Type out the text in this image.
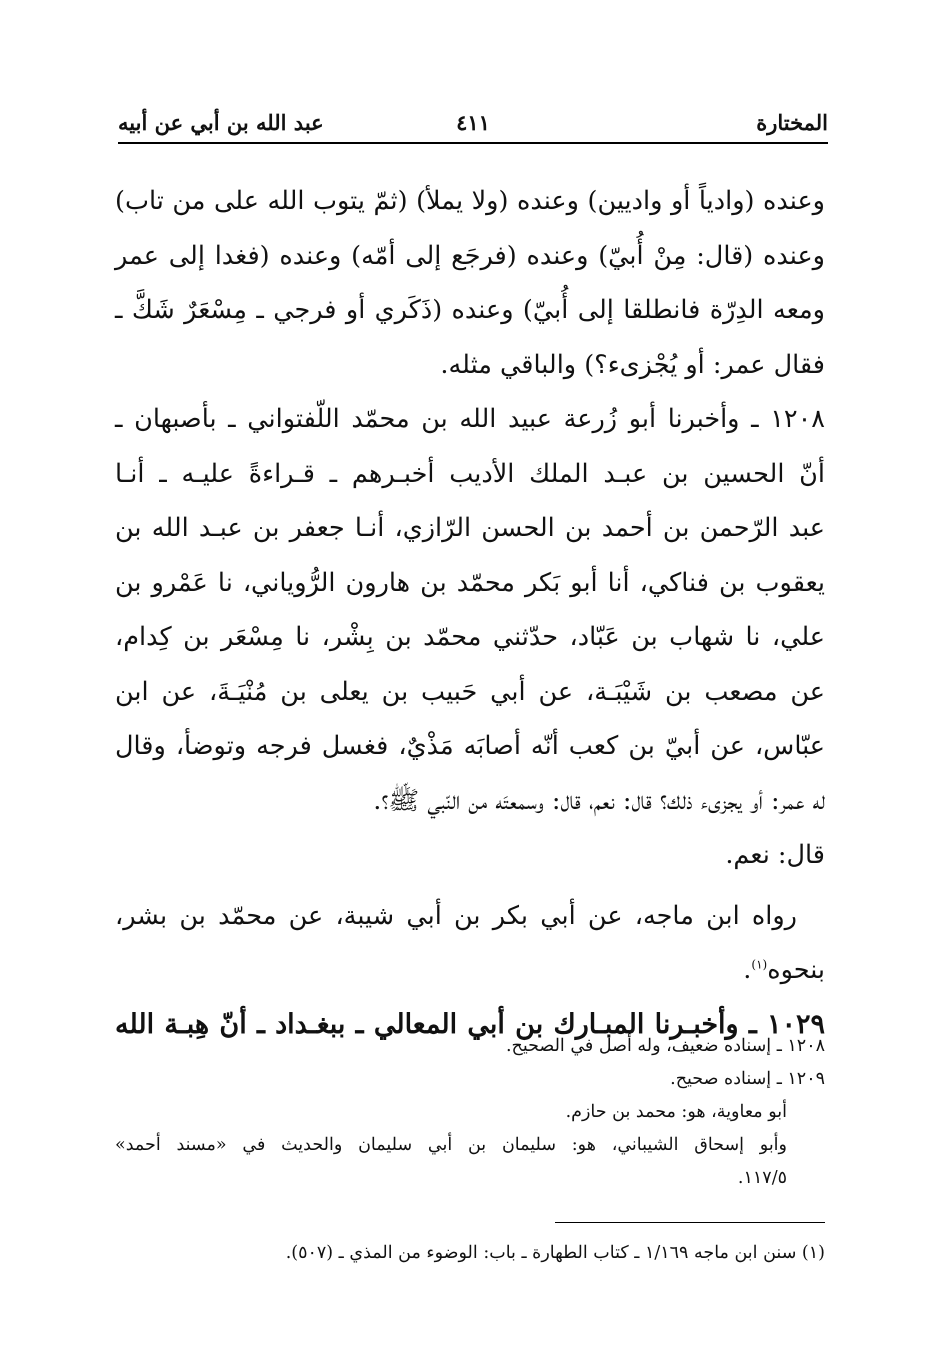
المختارة
٤١١
عبد الله بن أبي عن أبيه
وعنده (وادياً أو واديين) وعنده (ولا يملأ) (ثمّ يتوب الله على من تاب)
وعنده (قال: مِنْ أُبيّ) وعنده (فرجَع إلى أمّه) وعنده (فغدا إلى عمر
ومعه الدِرّة فانطلقا إلى أُبيّ) وعنده (ذَكَري أو فرجي ـ مِسْعَرٌ شَكَّ ـ
فقال عمر: أو يُجْزىء؟) والباقي مثله.
١٢٠٨ ـ وأخبرنا أبو زُرعة عبيد الله بن محمّد اللّفتواني ـ بأصبهان ـ
أنّ الحسين بن عبـد الملك الأديب أخبـرهم ـ قـراءةً عليـه ـ أنـا
عبد الرّحمن بن أحمد بن الحسن الرّازي، أنـا جعفر بن عبـد الله بن
يعقوب بن فناكي، أنا أبو بَكر محمّد بن هارون الرُّوياني، نا عَمْرو بن
علي، نا شهاب بن عَبّاد، حدّثني محمّد بن بِشْر، نا مِسْعَر بن كِدام،
عن مصعب بن شَيْبَـة، عن أبي حَبيب بن يعلى بن مُنْيَـةَ، عن ابن
عبّاس، عن أبيّ بن كعب أنّه أصابَه مَذْيٌ، فغسل فرجه وتوضأ، وقال
له عمر: أو يجزىء ذلك؟ قال: نعم، قال: وسمعتَه من النّبي ﷺ؟.
قال: نعم.
رواه ابن ماجه، عن أبي بكر بن أبي شيبة، عن محمّد بن بشر،
بنحوه$^{(١)}$.
١٠٢٩ ـ وأخبـرنا المبـارك بن أبي المعالي ـ ببغـداد ـ أنّ هِبـة الله
١٢٠٨ ـ إسناده ضعيف، وله أصل في الصحيح.
١٢٠٩ ـ إسناده صحيح.
أبو معاوية، هو: محمد بن حازم.
وأبو إسحاق الشيباني، هو: سليمان بن أبي سليمان والحديث في «مسند أحمد»
١١٧/٥.
(١) سنن ابن ماجه ١/١٦٩ ـ كتاب الطهارة ـ باب: الوضوء من المذي ـ (٥٠٧).
